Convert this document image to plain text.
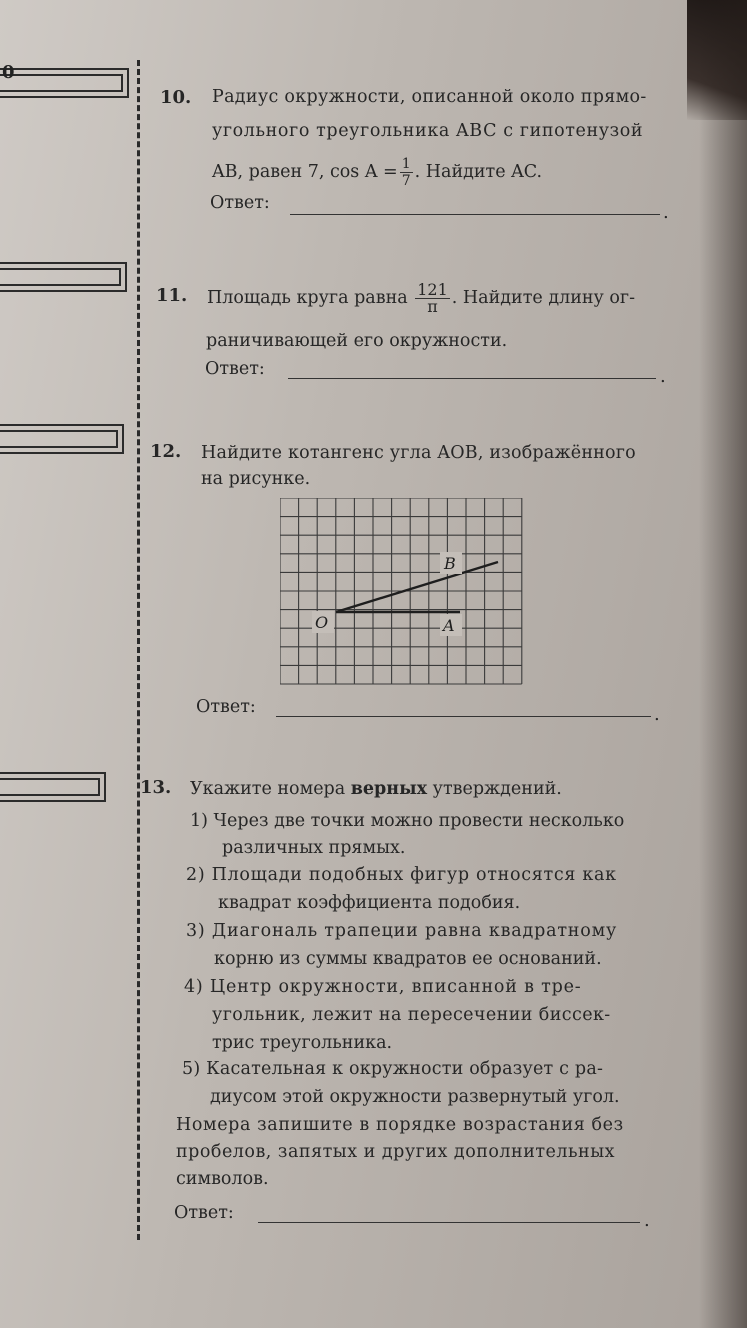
0
10. Радиус окружности, описанной около прямо-
угольного треугольника ABC с гипотенузой
AB, равен 7, $\cos A = \frac{1}{7}$ . Найдите AC.
Ответ:	.
11. Площадь круга равна $\frac{121}{\pi}$ . Найдите длину ог-
раничивающей его окружности.
Ответ:	.
12. Найдите котангенс угла AOB, изображённого
на рисунке.
O	A
B
Ответ:	.
13. Укажите номера верных утверждений.
1) Через две точки можно провести несколько
различных прямых.
2) Площади подобных фигур относятся как
квадрат коэффициента подобия.
3) Диагональ трапеции равна квадратному
корню из суммы квадратов ее оснований.
4) Центр окружности, вписанной в тре-
угольник, лежит на пересечении биссек-
трис треугольника.
5) Касательная к окружности образует с ра-
диусом этой окружности развернутый угол.
Номера запишите в порядке возрастания без
пробелов, запятых и других дополнительных
символов.
Ответ:	.
